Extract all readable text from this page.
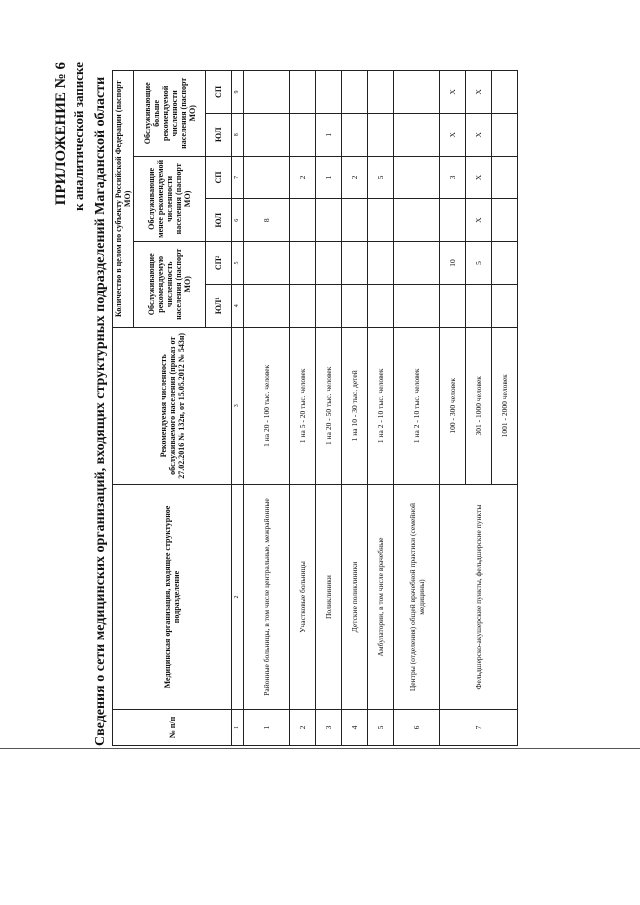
ПРИЛОЖЕНИЕ № 6 к аналитической записке Сведения о сети медицинских организаций, входящих структурных подразделений Магаданской области	№ п/п	Медицинская организация, входящее структурное подразделение	Рекомендуемая численность обслуживаемого населения (приказ от 27.02.2016 № 132н, от 15.05.2012 № 543н)	Количество в целом по субъекту Российской Федерации (паспорт МО)					
			Обслуживающие рекомендуемую численность населения (паспорт МО)		Обслуживающие менее рекомендуемой численности населения (паспорт МО)		Обслуживающие больше рекомендуемой численности населения (паспорт МО)	
			ЮЛ¹	СП²	ЮЛ	СП	ЮЛ	СП
1	2	3	4	5	6	7	8	9
1	Районные больницы, в том числе центральные, межрайонные	1 на 20 - 100 тыс. человек			8			
2	Участковые больницы	1 на 5 - 20 тыс. человек				2		
3	Поликлиники	1 на 20 - 50 тыс. человек				1	1	
4	Детские поликлиники	1 на 10 - 30 тыс. детей				2		
5	Амбулатории, в том числе врачебные	1 на 2 - 10 тыс. человек				5		
6	Центры (отделения) общей врачебной практики (семейной медицины)	1 на 2 - 10 тыс. человек						
7	Фельдшерско-акушерские пункты, фельдшерские пункты	100 - 300 человек		10		3	X	X
		301 - 1000 человек		5	X	X	X	X
		1001 - 2000 человек						
